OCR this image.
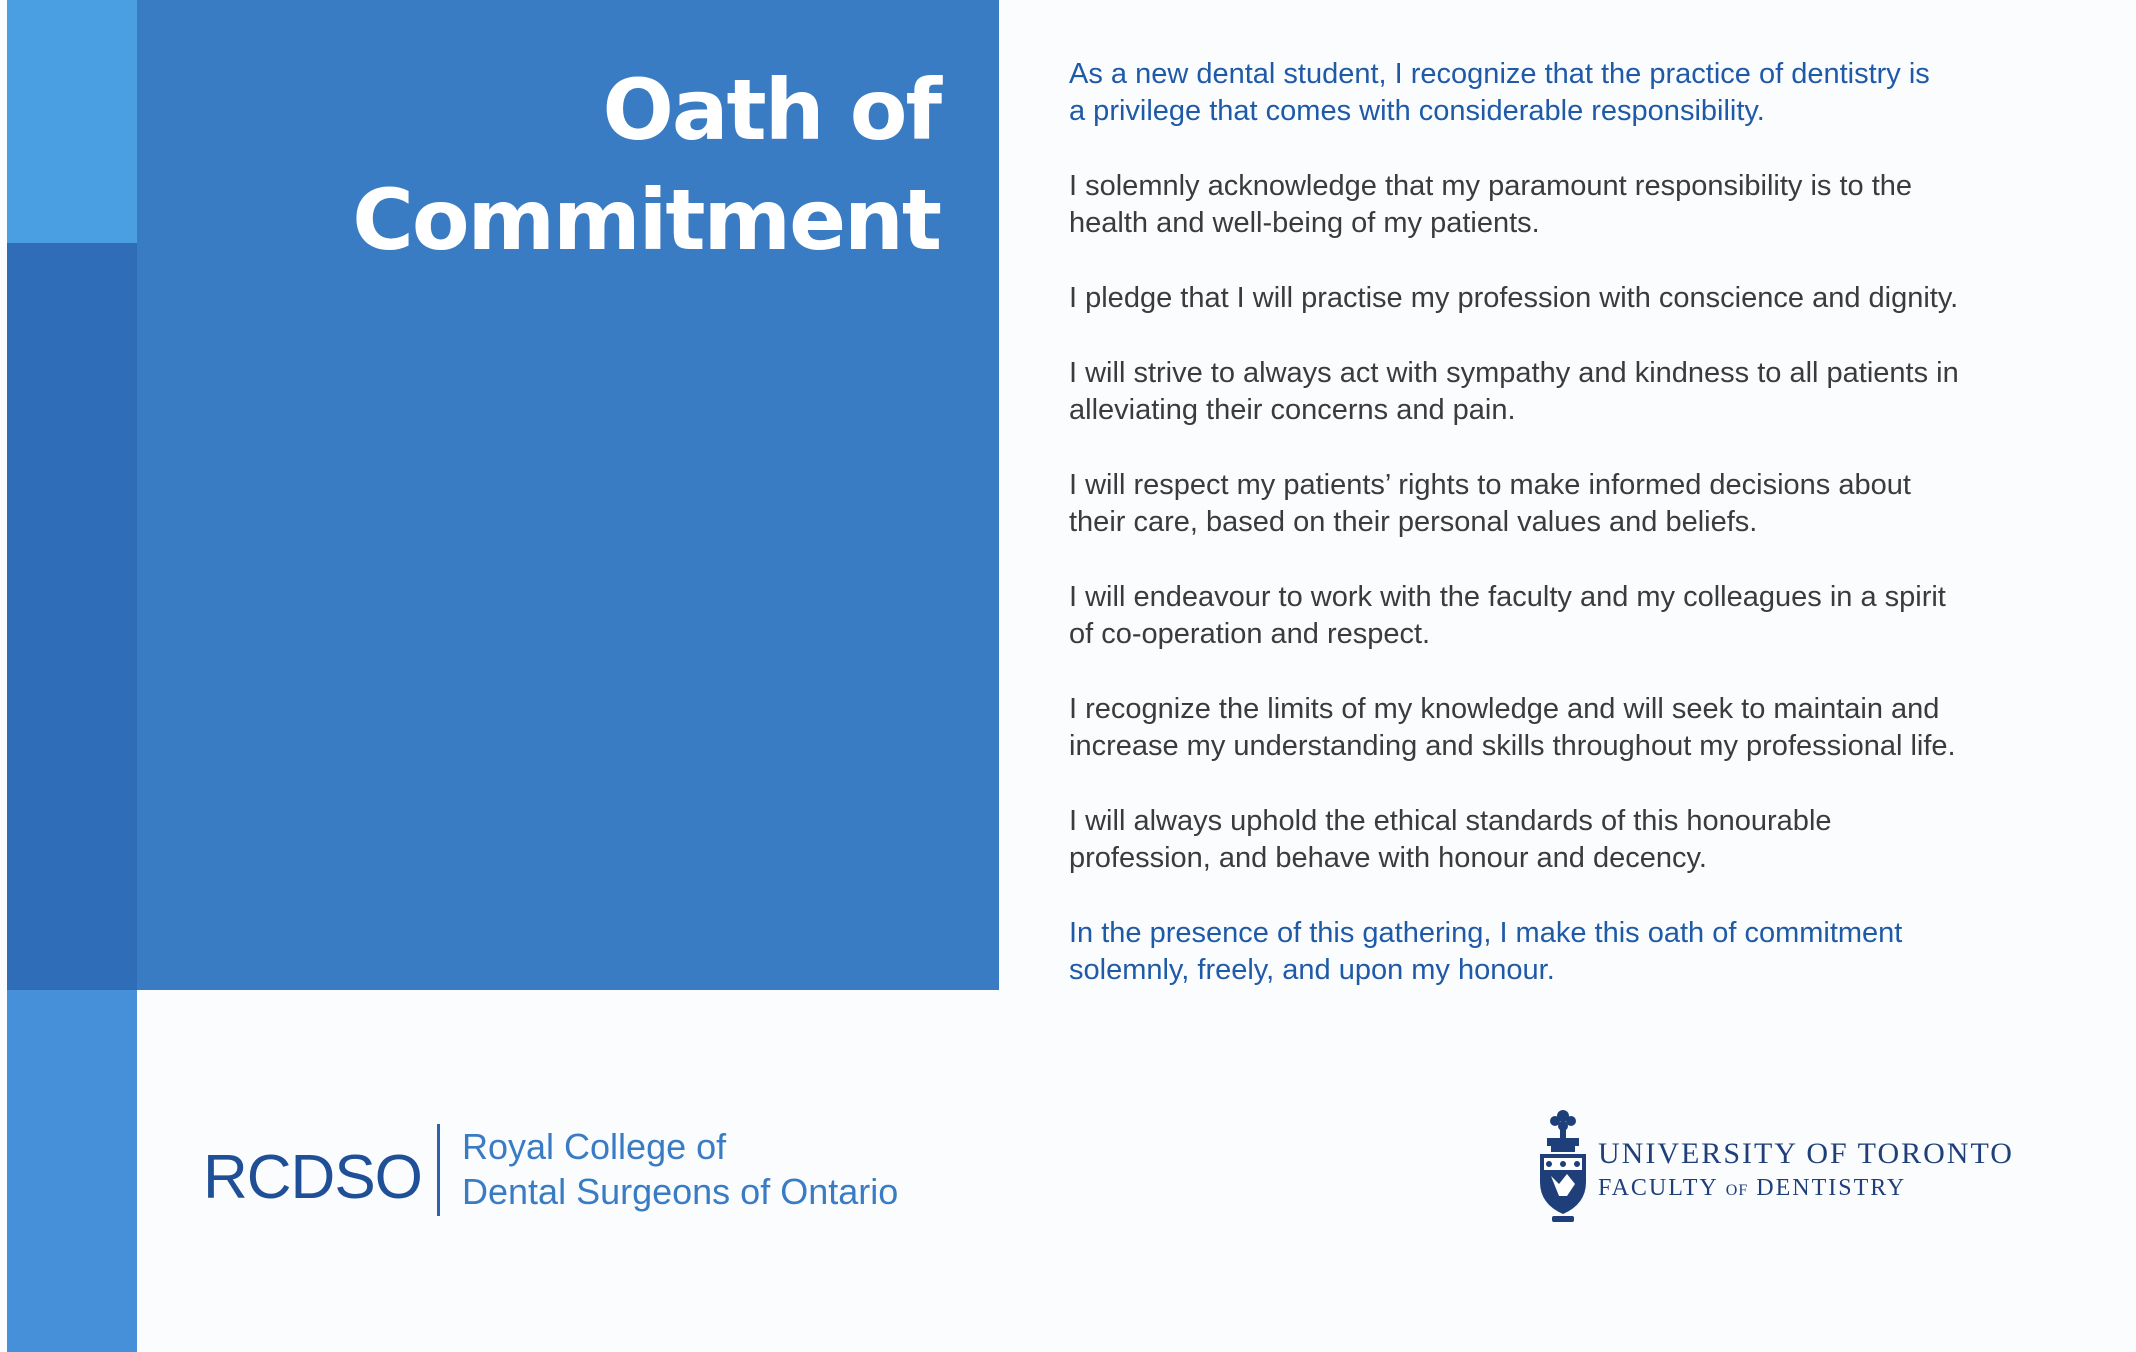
Oath of
Commitment

RCDSO Royal College of
Dental Surgeons of Ontario

As a new dental student, I recognize that the practice of dentistry is
a privilege that comes with considerable responsibility.

I solemnly acknowledge that my paramount responsibility is to the
health and well-being of my patients.

I pledge that I will practise my profession with conscience and dignity.

I will strive to always act with sympathy and kindness to all patients in
alleviating their concerns and pain.

I will respect my patients’ rights to make informed decisions about
their care, based on their personal values and beliefs.

I will endeavour to work with the faculty and my colleagues in a spirit
of co-operation and respect.

I recognize the limits of my knowledge and will seek to maintain and
increase my understanding and skills throughout my professional life.

I will always uphold the ethical standards of this honourable
profession, and behave with honour and decency.

In the presence of this gathering, I make this oath of commitment
solemnly, freely, and upon my honour.

UNIVERSITY OF TORONTO

FACULTY OF DENTISTRY
